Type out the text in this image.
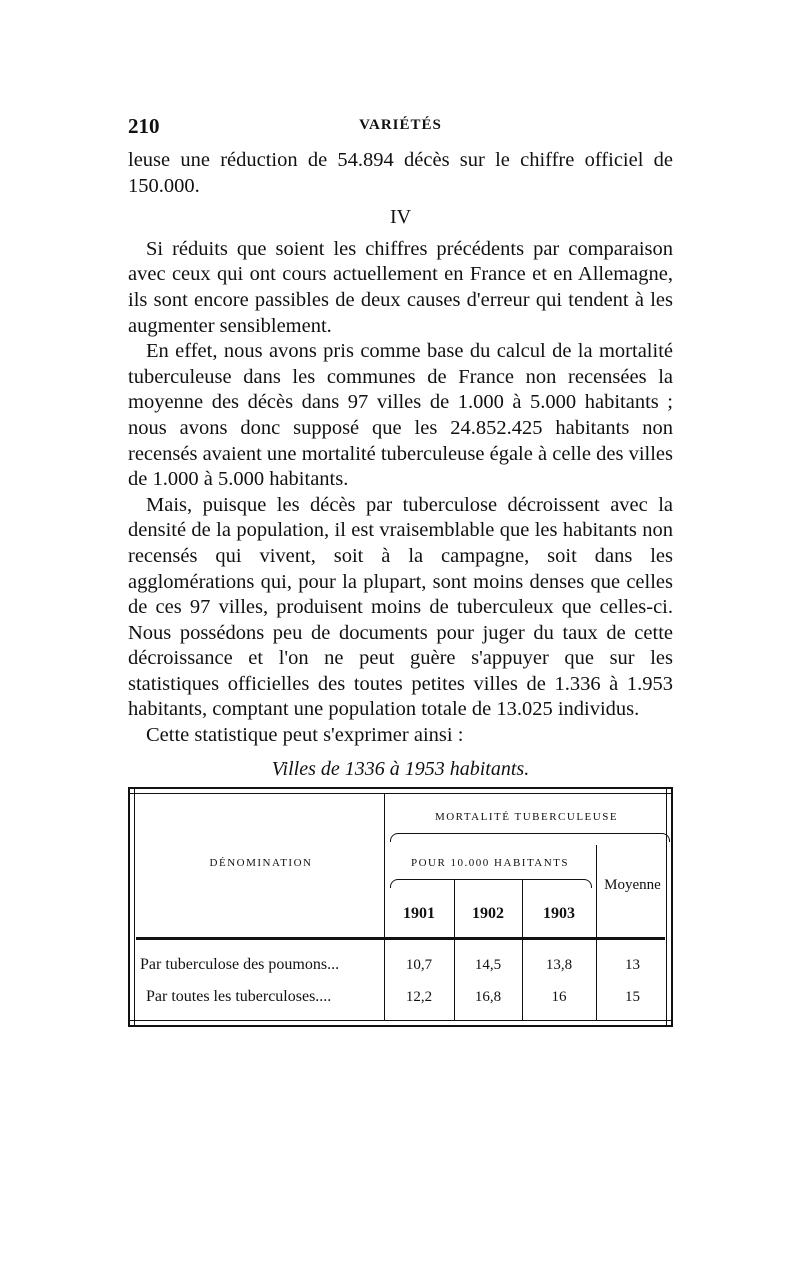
210	VARIÉTÉS

leuse une réduction de 54.894 décès sur le chiffre officiel de 150.000.

IV

Si réduits que soient les chiffres précédents par comparaison avec ceux qui ont cours actuellement en France et en Allemagne, ils sont encore passibles de deux causes d'erreur qui tendent à les augmenter sensiblement.

En effet, nous avons pris comme base du calcul de la mortalité tuberculeuse dans les communes de France non recensées la moyenne des décès dans 97 villes de 1.000 à 5.000 habitants ; nous avons donc supposé que les 24.852.425 habitants non recensés avaient une mortalité tuberculeuse égale à celle des villes de 1.000 à 5.000 habitants.

Mais, puisque les décès par tuberculose décroissent avec la densité de la population, il est vraisemblable que les habitants non recensés qui vivent, soit à la campagne, soit dans les agglomérations qui, pour la plupart, sont moins denses que celles de ces 97 villes, produisent moins de tuberculeux que celles-ci. Nous possédons peu de documents pour juger du taux de cette décroissance et l'on ne peut guère s'appuyer que sur les statistiques officielles des toutes petites villes de 1.336 à 1.953 habitants, comptant une population totale de 13.025 individus.

Cette statistique peut s'exprimer ainsi :

Villes de 1336 à 1953 habitants.
DÉNOMINATION
MORTALITÉ TUBERCULEUSE
POUR 10.000 HABITANTS
Moyenne
1901	1902	1903
Par tuberculose des poumons...	10,7	14,5	13,8	13
Par toutes les tuberculoses....	12,2	16,8	16	15
